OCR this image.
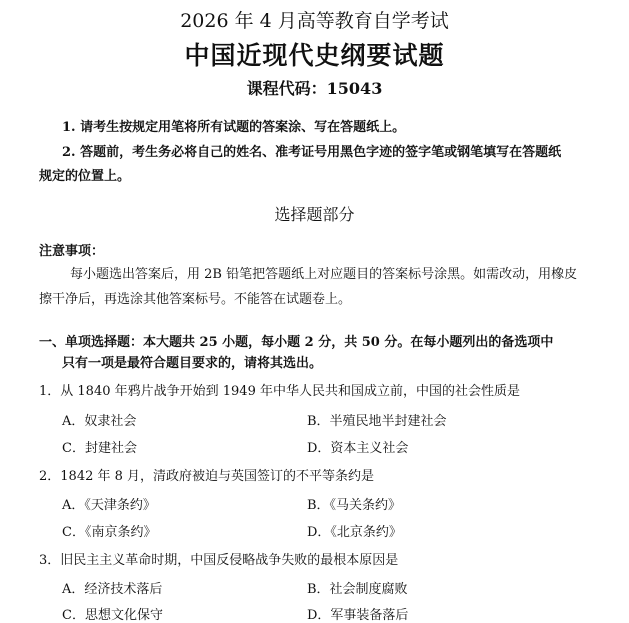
2026 年 4 月高等教育自学考试
中国近现代史纲要试题
课程代码：15043
1. 请考生按规定用笔将所有试题的答案涂、写在答题纸上。
2. 答题前，考生务必将自己的姓名、准考证号用黑色字迹的签字笔或钢笔填写在答题纸
规定的位置上。
选择题部分
注意事项：
每小题选出答案后，用 2B 铅笔把答题纸上对应题目的答案标号涂黑。如需改动，用橡皮
擦干净后，再选涂其他答案标号。不能答在试题卷上。
一、单项选择题：本大题共 25 小题，每小题 2 分，共 50 分。在每小题列出的备选项中
只有一项是最符合题目要求的，请将其选出。
1．从 1840 年鸦片战争开始到 1949 年中华人民共和国成立前，中国的社会性质是
A．奴隶社会	B．半殖民地半封建社会
C．封建社会	D．资本主义社会
2．1842 年 8 月，清政府被迫与英国签订的不平等条约是
A．《天津条约》	B．《马关条约》
C．《南京条约》	D．《北京条约》
3．旧民主主义革命时期，中国反侵略战争失败的最根本原因是
A．经济技术落后	B．社会制度腐败
C．思想文化保守	D．军事装备落后
